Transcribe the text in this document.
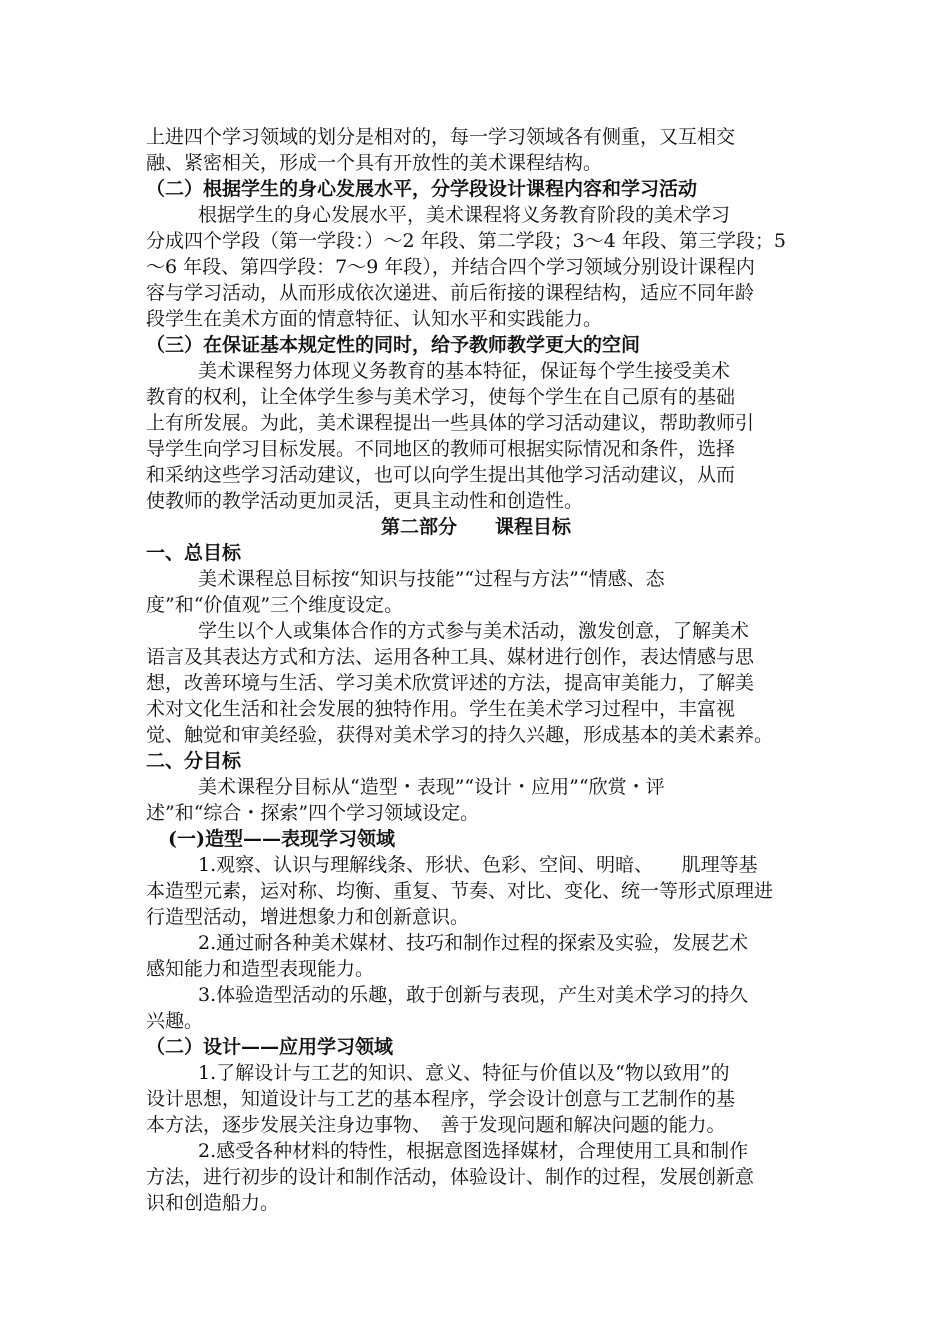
上进四个学习领域的划分是相对的，每一学习领域各有侧重，又互相交
融、紧密相关，形成一个具有开放性的美术课程结构。
（二）根据学生的身心发展水平，分学段设计课程内容和学习活动
根据学生的身心发展水平，美术课程将义务教育阶段的美术学习
分成四个学段（第一学段：）～2 年段、第二学段；3～4 年段、第三学段；5
～6 年段、第四学段：7～9 年段），并结合四个学习领域分别设计课程内
容与学习活动，从而形成依次递进、前后衔接的课程结构，适应不同年龄
段学生在美术方面的情意特征、认知水平和实践能力。
（三）在保证基本规定性的同时，给予教师教学更大的空间
美术课程努力体现义务教育的基本特征，保证每个学生接受美术
教育的权利，让全体学生参与美术学习，使每个学生在自己原有的基础
上有所发展。为此，美术课程提出一些具体的学习活动建议，帮助教师引
导学生向学习目标发展。不同地区的教师可根据实际情况和条件，选择
和采纳这些学习活动建议，也可以向学生提出其他学习活动建议，从而
使教师的教学活动更加灵活，更具主动性和创造性。
第二部分　　课程目标
一、总目标
美术课程总目标按“知识与技能”“过程与方法”“情感、态
度”和“价值观”三个维度设定。
学生以个人或集体合作的方式参与美术活动，激发创意，了解美术
语言及其表达方式和方法、运用各种工具、媒材进行创作，表达情感与思
想，改善环境与生活、学习美术欣赏评述的方法，提高审美能力，了解美
术对文化生活和社会发展的独特作用。学生在美术学习过程中，丰富视
觉、触觉和审美经验，获得对美术学习的持久兴趣，形成基本的美术素养。
二、分目标
美术课程分目标从“造型・表现”“设计・应用”“欣赏・评
述”和“综合・探索”四个学习领域设定。
(一)造型——表现学习领域
1.观察、认识与理解线条、形状、色彩、空间、明暗、　　肌理等基
本造型元素，运对称、均衡、重复、节奏、对比、变化、统一等形式原理进
行造型活动，增进想象力和创新意识。
2.通过耐各种美术媒材、技巧和制作过程的探索及实验，发展艺术
感知能力和造型表现能力。
3.体验造型活动的乐趣，敢于创新与表现，产生对美术学习的持久
兴趣。
（二）设计——应用学习领域
1.了解设计与工艺的知识、意义、特征与价值以及“物以致用”的
设计思想，知道设计与工艺的基本程序，学会设计创意与工艺制作的基
本方法，逐步发展关注身边事物、　善于发现问题和解决问题的能力。
2.感受各种材料的特性，根据意图选择媒材，合理使用工具和制作
方法，进行初步的设计和制作活动，体验设计、制作的过程，发展创新意
识和创造船力。
